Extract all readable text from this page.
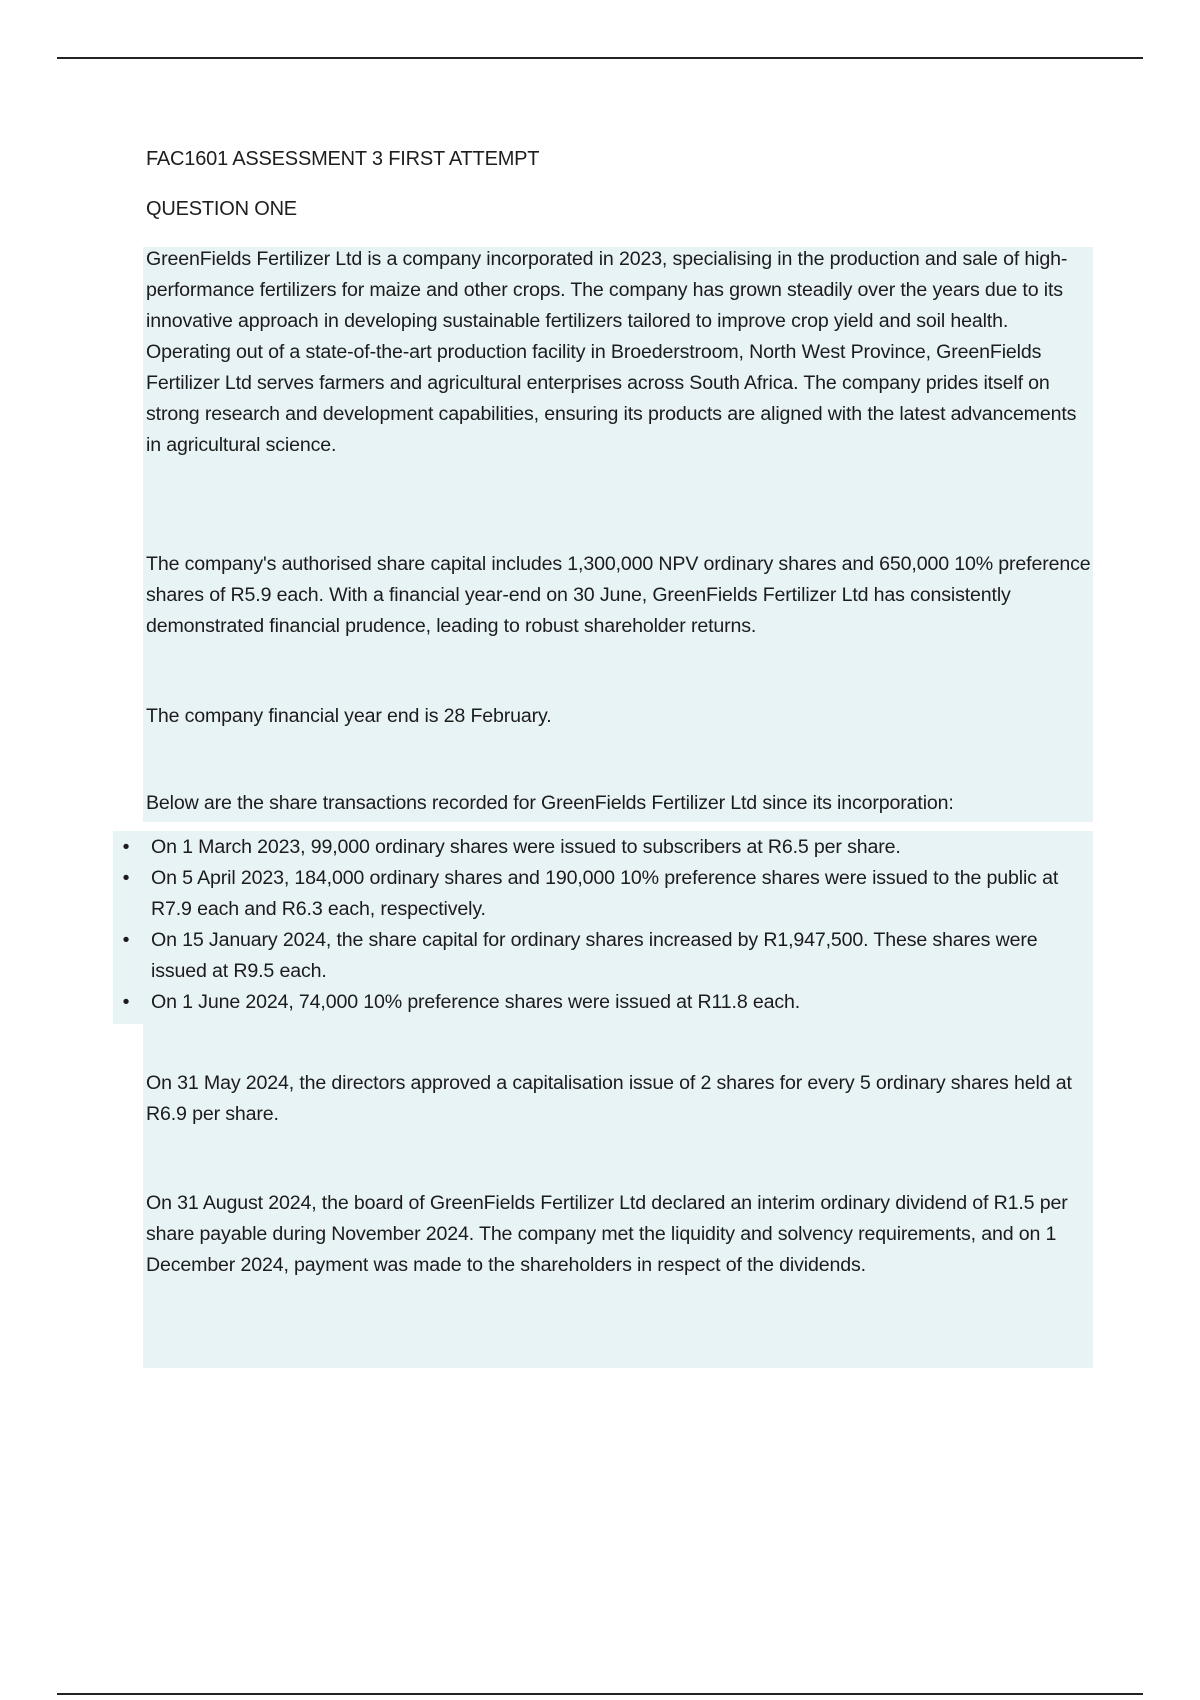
FAC1601 ASSESSMENT 3 FIRST ATTEMPT
QUESTION ONE

GreenFields Fertilizer Ltd is a company incorporated in 2023, specialising in the production and sale of high-performance fertilizers for maize and other crops. The company has grown steadily over the years due to its innovative approach in developing sustainable fertilizers tailored to improve crop yield and soil health. Operating out of a state-of-the-art production facility in Broederstroom, North West Province, GreenFields Fertilizer Ltd serves farmers and agricultural enterprises across South Africa. The company prides itself on strong research and development capabilities, ensuring its products are aligned with the latest advancements in agricultural science.

The company's authorised share capital includes 1,300,000 NPV ordinary shares and 650,000 10% preference shares of R5.9 each. With a financial year-end on 30 June, GreenFields Fertilizer Ltd has consistently demonstrated financial prudence, leading to robust shareholder returns.

The company financial year end is 28 February.

Below are the share transactions recorded for GreenFields Fertilizer Ltd since its incorporation:

•	On 1 March 2023, 99,000 ordinary shares were issued to subscribers at R6.5 per share.
•	On 5 April 2023, 184,000 ordinary shares and 190,000 10% preference shares were issued to the public at R7.9 each and R6.3 each, respectively.
•	On 15 January 2024, the share capital for ordinary shares increased by R1,947,500. These shares were issued at R9.5 each.
•	On 1 June 2024, 74,000 10% preference shares were issued at R11.8 each.

On 31 May 2024, the directors approved a capitalisation issue of 2 shares for every 5 ordinary shares held at R6.9 per share.

On 31 August 2024, the board of GreenFields Fertilizer Ltd declared an interim ordinary dividend of R1.5 per share payable during November 2024. The company met the liquidity and solvency requirements, and on 1 December 2024, payment was made to the shareholders in respect of the dividends.
